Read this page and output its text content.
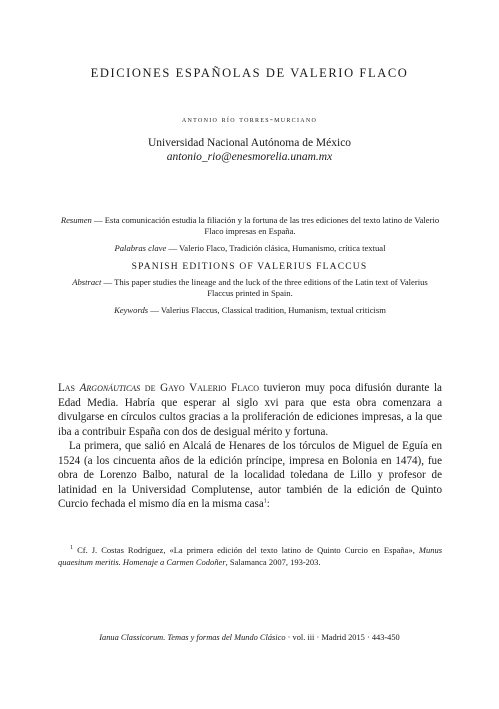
EDICIONES ESPAÑOLAS DE VALERIO FLACO
antonio río torres-murciano
Universidad Nacional Autónoma de México
antonio_rio@enesmorelia.unam.mx
Resumen — Esta comunicación estudia la filiación y la fortuna de las tres ediciones del texto latino de Valerio Flaco impresas en España.
Palabras clave — Valerio Flaco, Tradición clásica, Humanismo, crítica textual
SPANISH EDITIONS OF VALERIUS FLACCUS
Abstract — This paper studies the lineage and the luck of the three editions of the Latin text of Valerius Flaccus printed in Spain.
Keywords — Valerius Flaccus, Classical tradition, Humanism, textual criticism

Las Argonáuticas de Gayo Valerio Flaco tuvieron muy poca difusión durante la Edad Media. Habría que esperar al siglo xvi para que esta obra comenzara a divulgarse en círculos cultos gracias a la proliferación de ediciones impresas, a la que iba a contribuir España con dos de desigual mérito y fortuna.

La primera, que salió en Alcalá de Henares de los tórculos de Miguel de Eguía en 1524 (a los cincuenta años de la edición príncipe, impresa en Bolonia en 1474), fue obra de Lorenzo Balbo, natural de la localidad toledana de Lillo y profesor de latinidad en la Universidad Complutense, autor también de la edición de Quinto Curcio fechada el mismo día en la misma casa$^1$:

$^1$ Cf. J. Costas Rodríguez, «La primera edición del texto latino de Quinto Curcio en España», Munus quaesitum meritis. Homenaje a Carmen Codoñer, Salamanca 2007, 193-203.
Ianua Classicorum. Temas y formas del Mundo Clásico · vol. iii · Madrid 2015 · 443-450
